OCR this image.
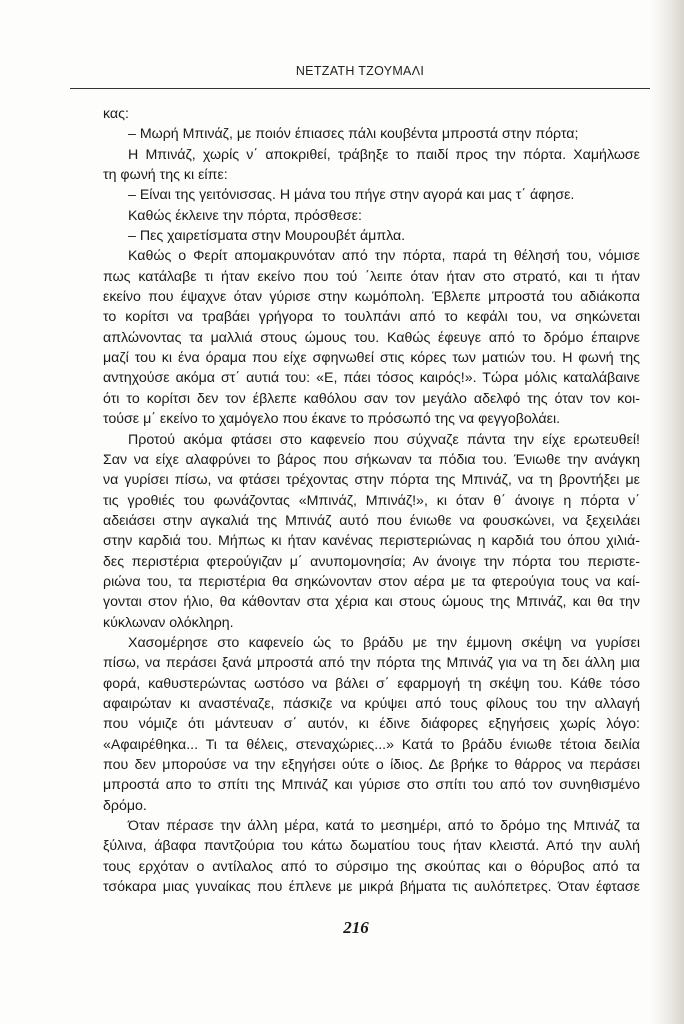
ΝΕΤΖΑΤΗ ΤΖΟΥΜΑΛΙ
κας:
– Μωρή Μπινάζ, με ποιόν έπιασες πάλι κουβέντα μπροστά στην πόρτα;
Η Μπινάζ, χωρίς ν΄ αποκριθεί, τράβηξε το παιδί προς την πόρτα. Χαμήλωσε
τη φωνή της κι είπε:
– Είναι της γειτόνισσας. Η μάνα του πήγε στην αγορά και μας τ΄ άφησε.
Καθώς έκλεινε την πόρτα, πρόσθεσε:
– Πες χαιρετίσματα στην Μουρουβέτ άμπλα.
Καθώς ο Φερίτ απομακρυνόταν από την πόρτα, παρά τη θέλησή του, νόμισε
πως κατάλαβε τι ήταν εκείνο που τού ΄λειπε όταν ήταν στο στρατό, και τι ήταν
εκείνο που έψαχνε όταν γύρισε στην κωμόπολη. Έβλεπε μπροστά του αδιάκοπα
το κορίτσι να τραβάει γρήγορα το τουλπάνι από το κεφάλι του, να σηκώνεται
απλώνοντας τα μαλλιά στους ώμους του. Καθώς έφευγε από το δρόμο έπαιρνε
μαζί του κι ένα όραμα που είχε σφηνωθεί στις κόρες των ματιών του. Η φωνή της
αντηχούσε ακόμα στ΄ αυτιά του: «Ε, πάει τόσος καιρός!». Τώρα μόλις καταλάβαινε
ότι το κορίτσι δεν τον έβλεπε καθόλου σαν τον μεγάλο αδελφό της όταν τον κοι-
τούσε μ΄ εκείνο το χαμόγελο που έκανε το πρόσωπό της να φεγγοβολάει.
Προτού ακόμα φτάσει στο καφενείο που σύχναζε πάντα την είχε ερωτευθεί!
Σαν να είχε αλαφρύνει το βάρος που σήκωναν τα πόδια του. Ένιωθε την ανάγκη
να γυρίσει πίσω, να φτάσει τρέχοντας στην πόρτα της Μπινάζ, να τη βροντήξει με
τις γροθιές του φωνάζοντας «Μπινάζ, Μπινάζ!», κι όταν θ΄ άνοιγε η πόρτα ν΄
αδειάσει στην αγκαλιά της Μπινάζ αυτό που ένιωθε να φουσκώνει, να ξεχειλάει
στην καρδιά του. Μήπως κι ήταν κανένας περιστεριώνας η καρδιά του όπου χιλιά-
δες περιστέρια φτερούγιζαν μ΄ ανυπομονησία; Αν άνοιγε την πόρτα του περιστε-
ριώνα του, τα περιστέρια θα σηκώνονταν στον αέρα με τα φτερούγια τους να καί-
γονται στον ήλιο, θα κάθονταν στα χέρια και στους ώμους της Μπινάζ, και θα την
κύκλωναν ολόκληρη.
Χασομέρησε στο καφενείο ώς το βράδυ με την έμμονη σκέψη να γυρίσει
πίσω, να περάσει ξανά μπροστά από την πόρτα της Μπινάζ για να τη δει άλλη μια
φορά, καθυστερώντας ωστόσο να βάλει σ΄ εφαρμογή τη σκέψη του. Κάθε τόσο
αφαιρώταν κι αναστέναζε, πάσκιζε να κρύψει από τους φίλους του την αλλαγή
που νόμιζε ότι μάντευαν σ΄ αυτόν, κι έδινε διάφορες εξηγήσεις χωρίς λόγο:
«Αφαιρέθηκα... Τι τα θέλεις, στεναχώριες...» Κατά το βράδυ ένιωθε τέτοια δειλία
που δεν μπορούσε να την εξηγήσει ούτε ο ίδιος. Δε βρήκε το θάρρος να περάσει
μπροστά απο το σπίτι της Μπινάζ και γύρισε στο σπίτι του από τον συνηθισμένο
δρόμο.
Όταν πέρασε την άλλη μέρα, κατά το μεσημέρι, από το δρόμο της Μπινάζ τα
ξύλινα, άβαφα παντζούρια του κάτω δωματίου τους ήταν κλειστά. Από την αυλή
τους ερχόταν ο αντίλαλος από το σύρσιμο της σκούπας και ο θόρυβος από τα
τσόκαρα μιας γυναίκας που έπλενε με μικρά βήματα τις αυλόπετρες. Όταν έφτασε
216
